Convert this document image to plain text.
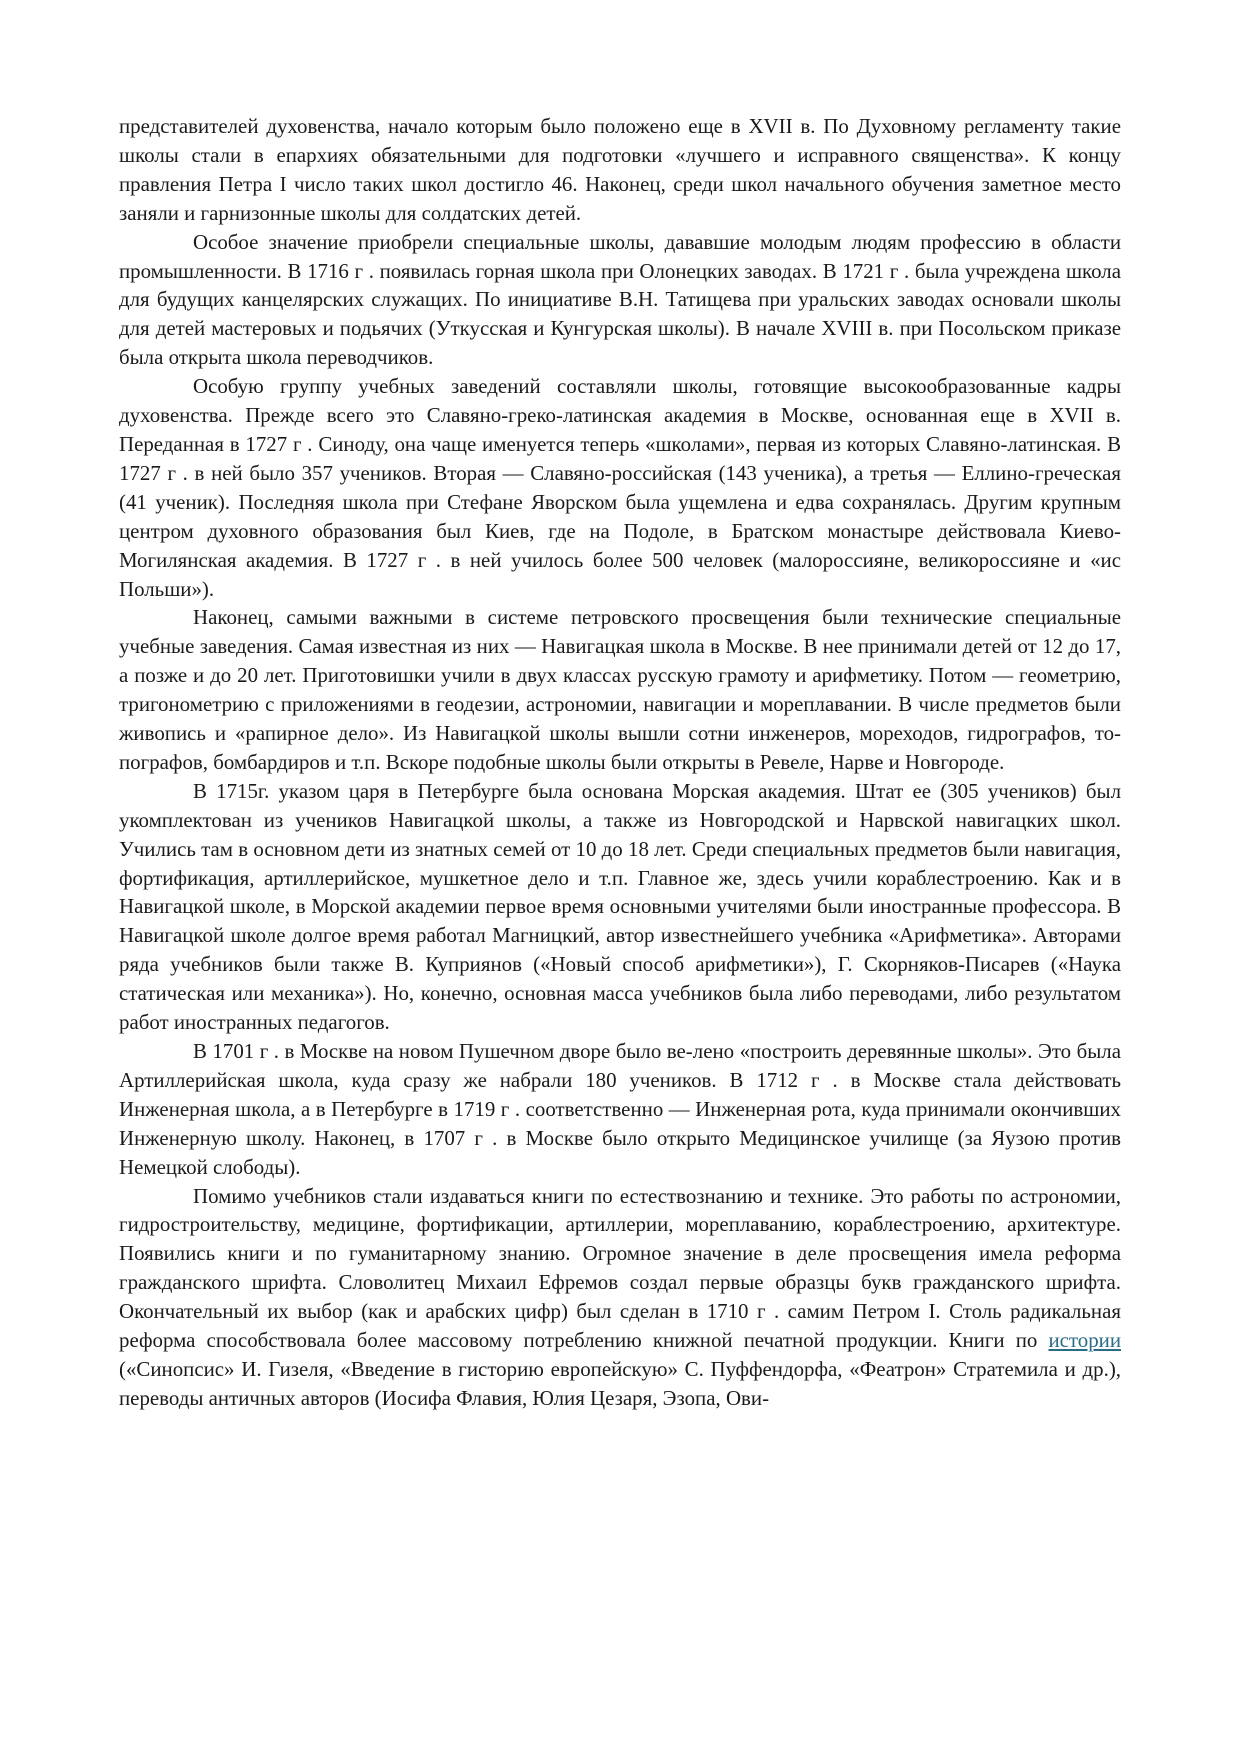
представителей духовенства, начало которым было положено еще в XVII в. По Духовному регламенту такие школы стали в епархиях обязательными для подготовки «лучшего и исправного священства». К концу правления Петра I число таких школ достигло 46. Наконец, среди школ начального обучения заметное место заняли и гарнизонные школы для солдатских детей.

Особое значение приобрели специальные школы, дававшие молодым людям профессию в области промышленности. В 1716 г . появилась горная школа при Олонецких заводах. В 1721 г . была учреждена школа для будущих канцелярских служащих. По инициативе В.Н. Татищева при уральских заводах основали школы для детей мастеровых и подьячих (Уткусская и Кунгурская школы). В начале XVIII в. при Посольском приказе была открыта школа переводчиков.

Особую группу учебных заведений составляли школы, готовящие высокообразованные кадры духовенства. Прежде всего это Славяно-греко-латинская академия в Москве, основанная еще в XVII в. Переданная в 1727 г . Синоду, она чаще именуется теперь «школами», первая из которых Славяно-латинская. В 1727 г . в ней было 357 учеников. Вторая — Славяно-российская (143 ученика), а третья — Еллино-греческая (41 ученик). Последняя школа при Стефане Яворском была ущемлена и едва сохранялась. Другим крупным центром духовного образования был Киев, где на Подоле, в Братском монастыре действовала Киево-Могилянская академия. В 1727 г . в ней училось более 500 человек (малороссияне, великороссияне и «ис Польши»).

Наконец, самыми важными в системе петровского просвещения были технические специальные учебные заведения. Самая известная из них — Навигацкая школа в Москве. В нее принимали детей от 12 до 17, а позже и до 20 лет. Приготовишки учили в двух классах русскую грамоту и арифметику. Потом — геометрию, тригонометрию с приложениями в геодезии, астрономии, навигации и мореплавании. В числе предметов были живопись и «рапирное дело». Из Навигацкой школы вышли сотни инженеров, мореходов, гидрографов, топографов, бомбардиров и т.п. Вскоре подобные школы были открыты в Ревеле, Нарве и Новгороде.

В 1715г. указом царя в Петербурге была основана Морская академия. Штат ее (305 учеников) был укомплектован из учеников Навигацкой школы, а также из Новгородской и Нарвской навигацких школ. Учились там в основном дети из знатных семей от 10 до 18 лет. Среди специальных предметов были навигация, фортификация, артиллерийское, мушкетное дело и т.п. Главное же, здесь учили кораблестроению. Как и в Навигацкой школе, в Морской академии первое время основными учителями были иностранные профессора. В Навигацкой школе долгое время работал Магницкий, автор известнейшего учебника «Арифметика». Авторами ряда учебников были также В. Куприянов («Новый способ арифметики»), Г. Скорняков-Писарев («Наука статическая или механика»). Но, конечно, основная масса учебников была либо переводами, либо результатом работ иностранных педагогов.

В 1701 г . в Москве на новом Пушечном дворе было ве-лено «построить деревянные школы». Это была Артиллерийская школа, куда сразу же набрали 180 учеников. В 1712 г . в Москве стала действовать Инженерная школа, а в Петербурге в 1719 г . соответственно — Инженерная рота, куда принимали окончивших Инженерную школу. Наконец, в 1707 г . в Москве было открыто Медицинское училище (за Яузою против Немецкой слободы).

Помимо учебников стали издаваться книги по естествознанию и технике. Это работы по астрономии, гидростроительству, медицине, фортификации, артиллерии, мореплаванию, кораблестроению, архитектуре. Появились книги и по гуманитарному знанию. Огромное значение в деле просвещения имела реформа гражданского шрифта. Словолитец Михаил Ефремов создал первые образцы букв гражданского шрифта. Окончательный их выбор (как и арабских цифр) был сделан в 1710 г . самим Петром I. Столь радикальная реформа способствовала более массовому потреблению книжной печатной продукции. Книги по истории («Синопсис» И. Гизеля, «Введение в гисторию европейскую» С. Пуффендорфа, «Феатрон» Стратемила и др.), переводы античных авторов (Иосифа Флавия, Юлия Цезаря, Эзопа, Ови-
